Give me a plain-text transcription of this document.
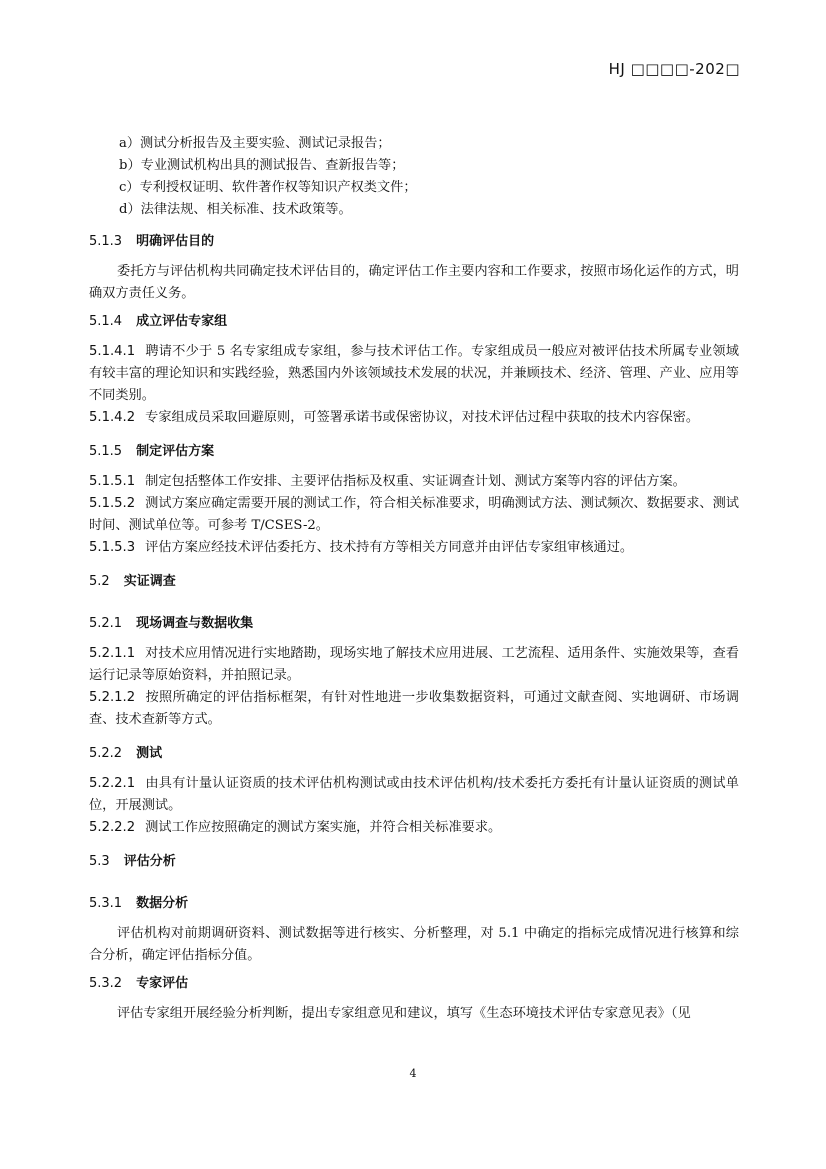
HJ □□□□-202□
a）测试分析报告及主要实验、测试记录报告；
b）专业测试机构出具的测试报告、查新报告等；
c）专利授权证明、软件著作权等知识产权类文件；
d）法律法规、相关标准、技术政策等。
5.1.3 明确评估目的
委托方与评估机构共同确定技术评估目的，确定评估工作主要内容和工作要求，按照市场化运作的方式，明确双方责任义务。
5.1.4 成立评估专家组
5.1.4.1 聘请不少于 5 名专家组成专家组，参与技术评估工作。专家组成员一般应对被评估技术所属专业领域有较丰富的理论知识和实践经验，熟悉国内外该领域技术发展的状况，并兼顾技术、经济、管理、产业、应用等不同类别。
5.1.4.2 专家组成员采取回避原则，可签署承诺书或保密协议，对技术评估过程中获取的技术内容保密。
5.1.5 制定评估方案
5.1.5.1 制定包括整体工作安排、主要评估指标及权重、实证调查计划、测试方案等内容的评估方案。
5.1.5.2 测试方案应确定需要开展的测试工作，符合相关标准要求，明确测试方法、测试频次、数据要求、测试时间、测试单位等。可参考 T/CSES-2。
5.1.5.3 评估方案应经技术评估委托方、技术持有方等相关方同意并由评估专家组审核通过。
5.2 实证调查
5.2.1 现场调查与数据收集
5.2.1.1 对技术应用情况进行实地踏勘，现场实地了解技术应用进展、工艺流程、适用条件、实施效果等，查看运行记录等原始资料，并拍照记录。
5.2.1.2 按照所确定的评估指标框架，有针对性地进一步收集数据资料，可通过文献查阅、实地调研、市场调查、技术查新等方式。
5.2.2 测试
5.2.2.1 由具有计量认证资质的技术评估机构测试或由技术评估机构/技术委托方委托有计量认证资质的测试单位，开展测试。
5.2.2.2 测试工作应按照确定的测试方案实施，并符合相关标准要求。
5.3 评估分析
5.3.1 数据分析
评估机构对前期调研资料、测试数据等进行核实、分析整理，对 5.1 中确定的指标完成情况进行核算和综合分析，确定评估指标分值。
5.3.2 专家评估
评估专家组开展经验分析判断，提出专家组意见和建议，填写《生态环境技术评估专家意见表》（见
4
